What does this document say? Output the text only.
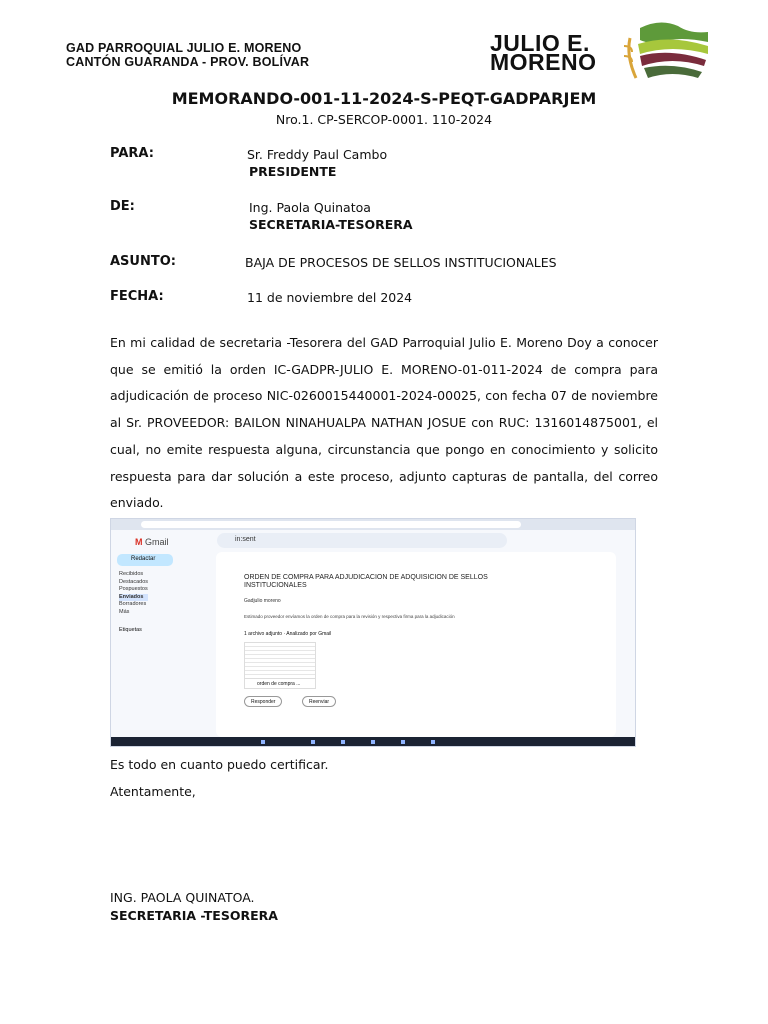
GAD PARROQUIAL JULIO E. MORENO
CANTÓN GUARANDA - PROV. BOLÍVAR
JULIO E.
MORENO
MEMORANDO-001-11-2024-S-PEQT-GADPARJEM
Nro.1. CP-SERCOP-0001. 110-2024
PARA:	Sr. Freddy Paul Cambo
PRESIDENTE
DE:	Ing. Paola Quinatoa
SECRETARIA-TESORERA
ASUNTO:	BAJA DE PROCESOS DE SELLOS INSTITUCIONALES
FECHA:	11 de noviembre del 2024
En mi calidad de secretaria -Tesorera del GAD Parroquial Julio E. Moreno Doy a conocer que se emitió la orden IC-GADPR-JULIO E. MORENO-01-011-2024 de compra para adjudicación de proceso NIC-0260015440001-2024-00025, con fecha 07 de noviembre al Sr. PROVEEDOR: BAILON NINAHUALPA NATHAN JOSUE con RUC: 1316014875001, el cual, no emite respuesta alguna, circunstancia que pongo en conocimiento y solicito respuesta para dar solución a este proceso, adjunto capturas de pantalla, del correo enviado.
M Gmail	in:sent
Redactar
Recibidos
Destacados
Pospuestos
Enviados
Borradores
Más
Etiquetas
ORDEN DE COMPRA PARA ADJUDICACION DE ADQUISICION DE SELLOS INSTITUCIONALES
Gadjulio moreno
Estimado proveedor envíamos la orden de compra para la revisión y respectiva firma para la adjudicación
1 archivo adjunto · Analizado por Gmail
orden de compra ...
Responder	Reenviar
Es todo en cuanto puedo certificar.
Atentamente,
ING. PAOLA QUINATOA.
SECRETARIA -TESORERA
